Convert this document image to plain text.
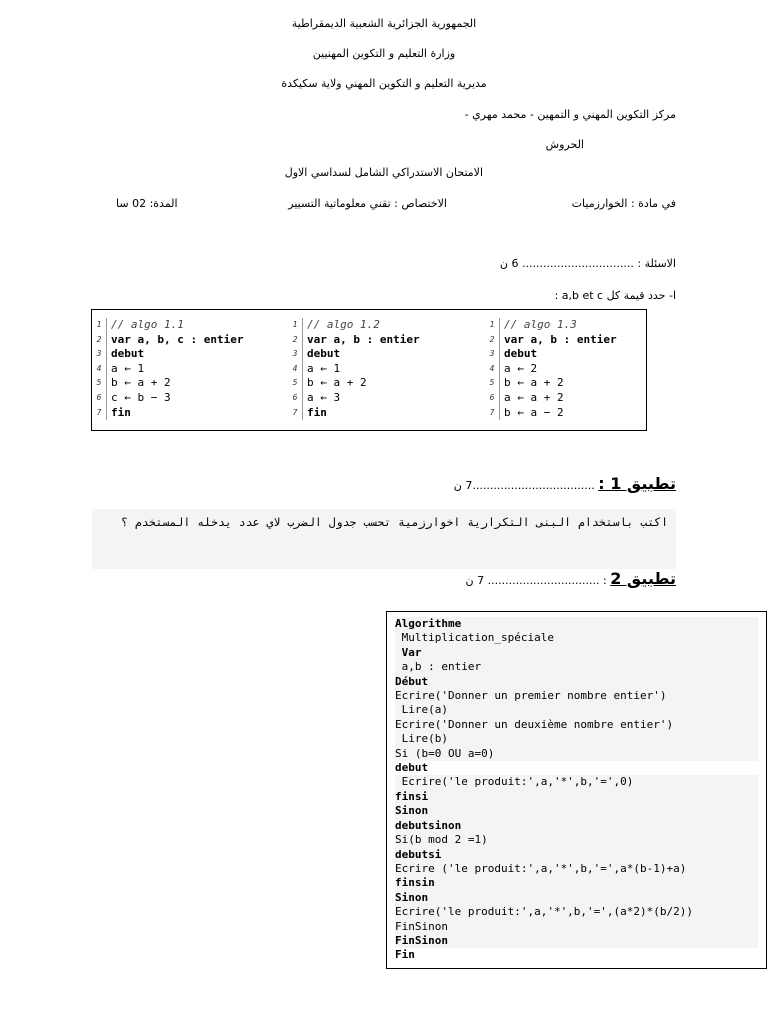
الجمهورية الجزائرية الشعبية الديمقراطية
وزارة التعليم و التكوين المهنيين
مديرية التعليم و التكوين المهني ولاية سكيكدة
مركز التكوين المهني و التمهين - محمد مهري -
الحروش
الامتحان الاستدراكي الشامل لسداسي الاول
في مادة : الخوارزميات
الاختصاص : تقني معلوماتية التسيير
المدة: 02 سا
الاسئلة : ................................ 6 ن
ا- حدد قيمة كل a,b et c :
1 // algo 1.1
2 var a, b, c : entier
3 debut
4 a ← 1
5 b ← a + 2
6 c ← b − 3
7 fin
1 // algo 1.2
2 var a, b : entier
3 debut
4 a ← 1
5 b ← a + 2
6 a ← 3
7 fin
1 // algo 1.3
2 var a, b : entier
3 debut
4 a ← 2
5 b ← a + 2
6 a ← a + 2
7 b ← a − 2
تطبيق 1 : ...................................7 ن
اكتب باستخدام البنى التكرارية اخوارزمية تحسب جدول الضرب لاي عدد يدخله المستخدم ؟
تطبيق 2 : ................................ 7 ن
Algorithme
Multiplication_spéciale
Var
a,b : entier
Début
Ecrire('Donner un premier nombre entier')
Lire(a)
Ecrire('Donner un deuxième nombre entier')
Lire(b)
Si (b=0 OU a=0)
debut
Ecrire('le produit:',a,'*',b,'=',0)
finsi
Sinon
debutsinon
Si(b mod 2 =1)
debutsi
Ecrire ('le produit:',a,'*',b,'=',a*(b-1)+a)
finsin
Sinon
Ecrire('le produit:',a,'*',b,'=',(a*2)*(b/2))
FinSinon
FinSinon
Fin
